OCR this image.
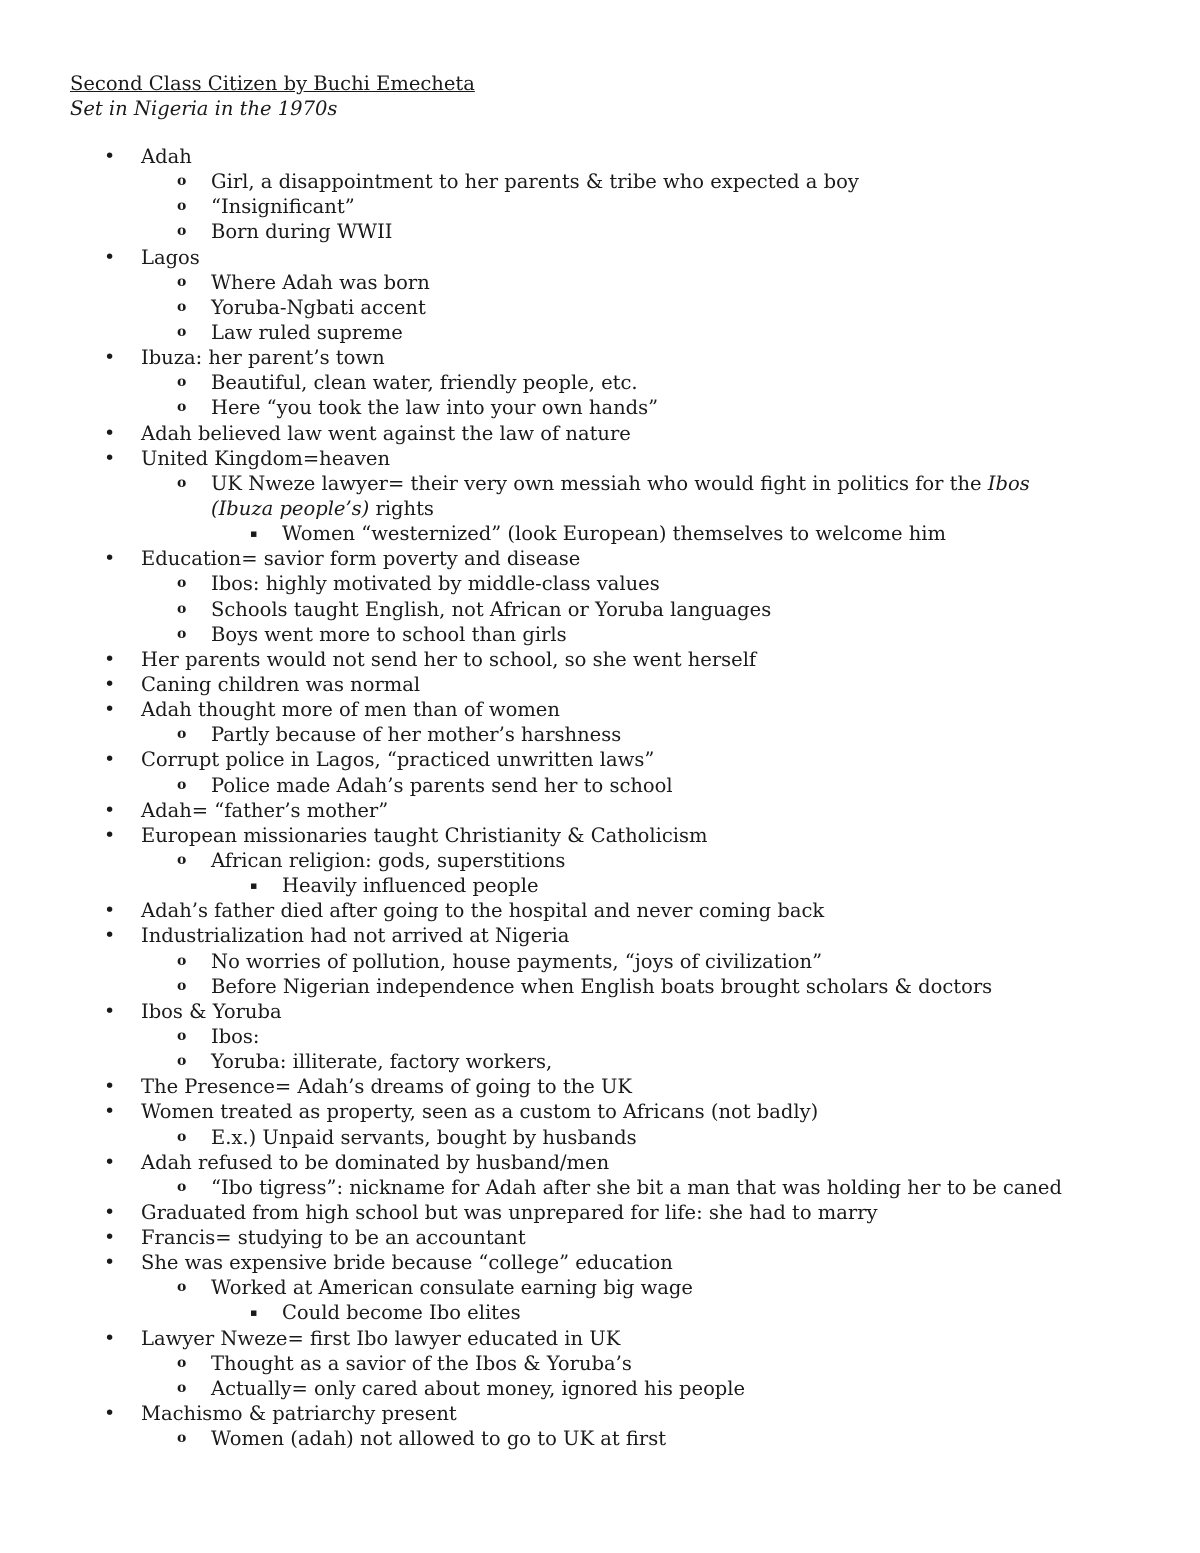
Second Class Citizen by Buchi Emecheta
Set in Nigeria in the 1970s
• Adah
o Girl, a disappointment to her parents & tribe who expected a boy
o “Insignificant”
o Born during WWII
• Lagos
o Where Adah was born
o Yoruba-Ngbati accent
o Law ruled supreme
• Ibuza: her parent’s town
o Beautiful, clean water, friendly people, etc.
o Here “you took the law into your own hands”
• Adah believed law went against the law of nature
• United Kingdom=heaven
o UK Nweze lawyer= their very own messiah who would fight in politics for the Ibos (Ibuza people’s) rights
▪ Women “westernized” (look European) themselves to welcome him
• Education= savior form poverty and disease
o Ibos: highly motivated by middle-class values
o Schools taught English, not African or Yoruba languages
o Boys went more to school than girls
• Her parents would not send her to school, so she went herself
• Caning children was normal
• Adah thought more of men than of women
o Partly because of her mother’s harshness
• Corrupt police in Lagos, “practiced unwritten laws”
o Police made Adah’s parents send her to school
• Adah= “father’s mother”
• European missionaries taught Christianity & Catholicism
o African religion: gods, superstitions
▪ Heavily influenced people
• Adah’s father died after going to the hospital and never coming back
• Industrialization had not arrived at Nigeria
o No worries of pollution, house payments, “joys of civilization”
o Before Nigerian independence when English boats brought scholars & doctors
• Ibos & Yoruba
o Ibos:
o Yoruba: illiterate, factory workers,
• The Presence= Adah’s dreams of going to the UK
• Women treated as property, seen as a custom to Africans (not badly)
o E.x.) Unpaid servants, bought by husbands
• Adah refused to be dominated by husband/men
o “Ibo tigress”: nickname for Adah after she bit a man that was holding her to be caned
• Graduated from high school but was unprepared for life: she had to marry
• Francis= studying to be an accountant
• She was expensive bride because “college” education
o Worked at American consulate earning big wage
▪ Could become Ibo elites
• Lawyer Nweze= first Ibo lawyer educated in UK
o Thought as a savior of the Ibos & Yoruba’s
o Actually= only cared about money, ignored his people
• Machismo & patriarchy present
o Women (adah) not allowed to go to UK at first
